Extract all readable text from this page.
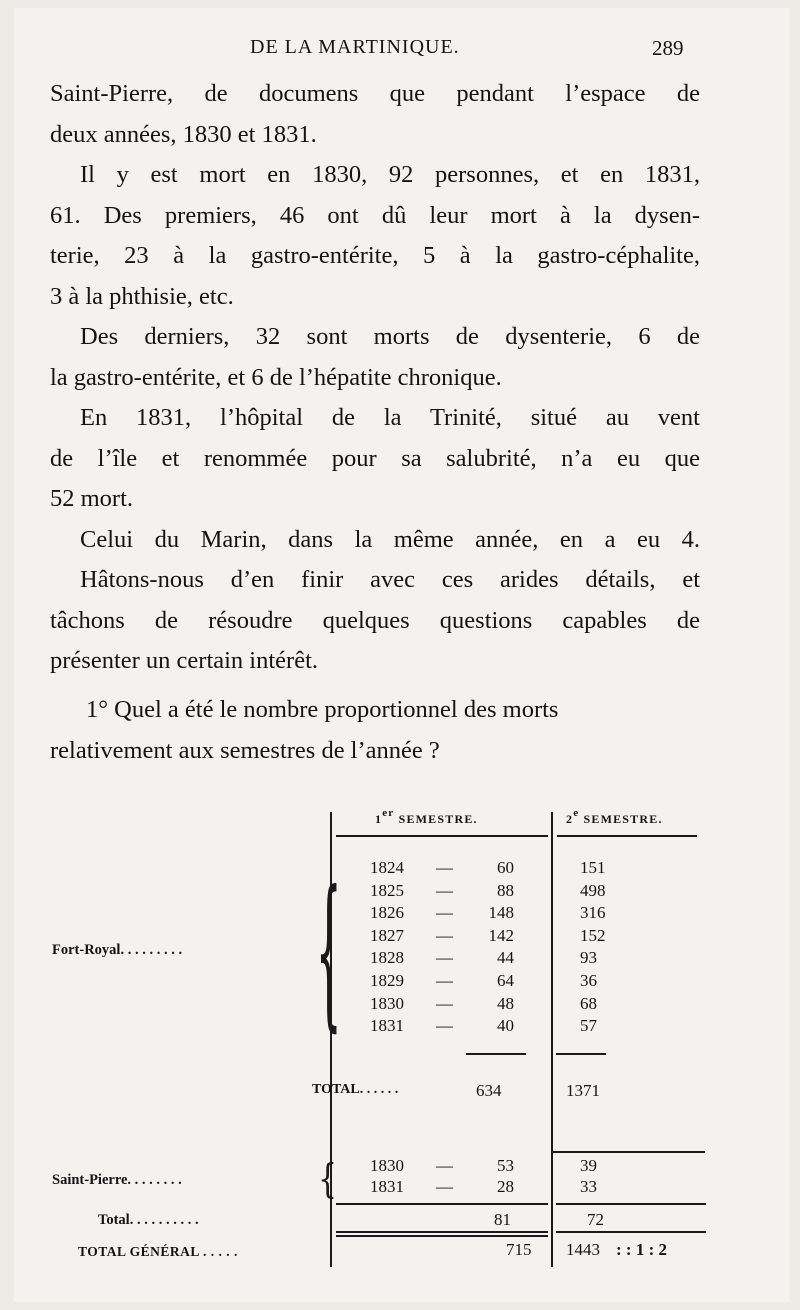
DE LA MARTINIQUE.	289

Saint-Pierre, de documens que pendant l’espace de

deux années, 1830 et 1831.

Il y est mort en 1830, 92 personnes, et en 1831,

61. Des premiers, 46 ont dû leur mort à la dysen-

terie, 23 à la gastro-entérite, 5 à la gastro-céphalite,

3 à la phthisie, etc.

Des derniers, 32 sont morts de dysenterie, 6 de

la gastro-entérite, et 6 de l’hépatite chronique.

En 1831, l’hôpital de la Trinité, situé au vent

de l’île et renommée pour sa salubrité, n’a eu que

52 mort.

Celui du Marin, dans la même année, en a eu 4.

Hâtons-nous d’en finir avec ces arides détails, et

tâchons de résoudre quelques questions capables de

présenter un certain intérêt.

1° Quel a été le nombre proportionnel des morts

relativement aux semestres de l’année ?

1er SEMESTRE.	2e SEMESTRE.
{
Fort-Royal. . . . . . . . .
1824 —	60	151
1825 —	88	498
1826 —	148	316
1827 —	142	152
1828 —	44	93
1829 —	64	36
1830 —	48	68
1831 —	40	57
TOTAL. . . . . .	634	1371
{
Saint-Pierre. . . . . . . .
1830 —	53	39
1831 —	28	33
Total. . . . . . . . . .	81	72
TOTAL GÉNÉRAL . . . . .	715 1443 : : 1 : 2
